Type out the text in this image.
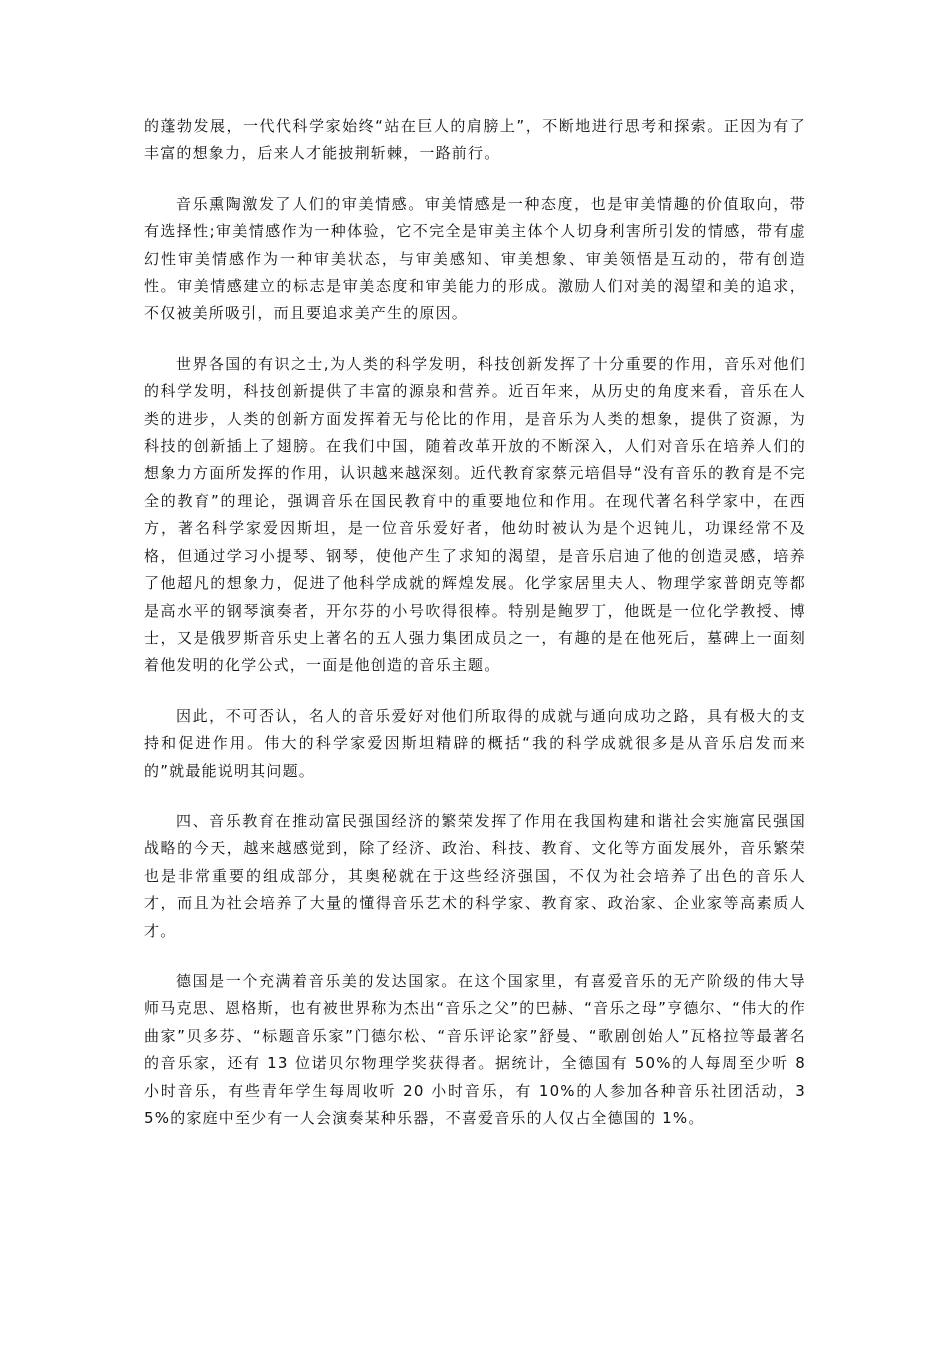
的蓬勃发展，一代代科学家始终“站在巨人的肩膀上”，不断地进行思考和探索。正因为有了丰富的想象力，后来人才能披荆斩棘，一路前行。

音乐熏陶激发了人们的审美情感。审美情感是一种态度，也是审美情趣的价值取向，带有选择性;审美情感作为一种体验，它不完全是审美主体个人切身利害所引发的情感，带有虚幻性审美情感作为一种审美状态，与审美感知、审美想象、审美领悟是互动的，带有创造性。审美情感建立的标志是审美态度和审美能力的形成。激励人们对美的渴望和美的追求，不仅被美所吸引，而且要追求美产生的原因。

世界各国的有识之士,为人类的科学发明，科技创新发挥了十分重要的作用，音乐对他们的科学发明，科技创新提供了丰富的源泉和营养。近百年来，从历史的角度来看，音乐在人类的进步，人类的创新方面发挥着无与伦比的作用，是音乐为人类的想象，提供了资源，为科技的创新插上了翅膀。在我们中国，随着改革开放的不断深入，人们对音乐在培养人们的想象力方面所发挥的作用，认识越来越深刻。近代教育家蔡元培倡导“没有音乐的教育是不完全的教育”的理论，强调音乐在国民教育中的重要地位和作用。在现代著名科学家中，在西方，著名科学家爱因斯坦，是一位音乐爱好者，他幼时被认为是个迟钝儿，功课经常不及格，但通过学习小提琴、钢琴，使他产生了求知的渴望，是音乐启迪了他的创造灵感，培养了他超凡的想象力，促进了他科学成就的辉煌发展。化学家居里夫人、物理学家普朗克等都是高水平的钢琴演奏者，开尔芬的小号吹得很棒。特别是鲍罗丁，他既是一位化学教授、博士，又是俄罗斯音乐史上著名的五人强力集团成员之一，有趣的是在他死后，墓碑上一面刻着他发明的化学公式，一面是他创造的音乐主题。

因此，不可否认，名人的音乐爱好对他们所取得的成就与通向成功之路，具有极大的支持和促进作用。伟大的科学家爱因斯坦精辟的概括“我的科学成就很多是从音乐启发而来的”就最能说明其问题。

四、音乐教育在推动富民强国经济的繁荣发挥了作用在我国构建和谐社会实施富民强国战略的今天，越来越感觉到，除了经济、政治、科技、教育、文化等方面发展外，音乐繁荣也是非常重要的组成部分，其奥秘就在于这些经济强国，不仅为社会培养了出色的音乐人才，而且为社会培养了大量的懂得音乐艺术的科学家、教育家、政治家、企业家等高素质人才。

德国是一个充满着音乐美的发达国家。在这个国家里，有喜爱音乐的无产阶级的伟大导师马克思、恩格斯，也有被世界称为杰出“音乐之父”的巴赫、“音乐之母”亨德尔、“伟大的作曲家”贝多芬、“标题音乐家”门德尔松、“音乐评论家”舒曼、“歌剧创始人”瓦格拉等最著名的音乐家，还有 13 位诺贝尔物理学奖获得者。据统计，全德国有 50%的人每周至少听 8 小时音乐，有些青年学生每周收听 20 小时音乐，有 10%的人参加各种音乐社团活动，35%的家庭中至少有一人会演奏某种乐器，不喜爱音乐的人仅占全德国的 1%。
